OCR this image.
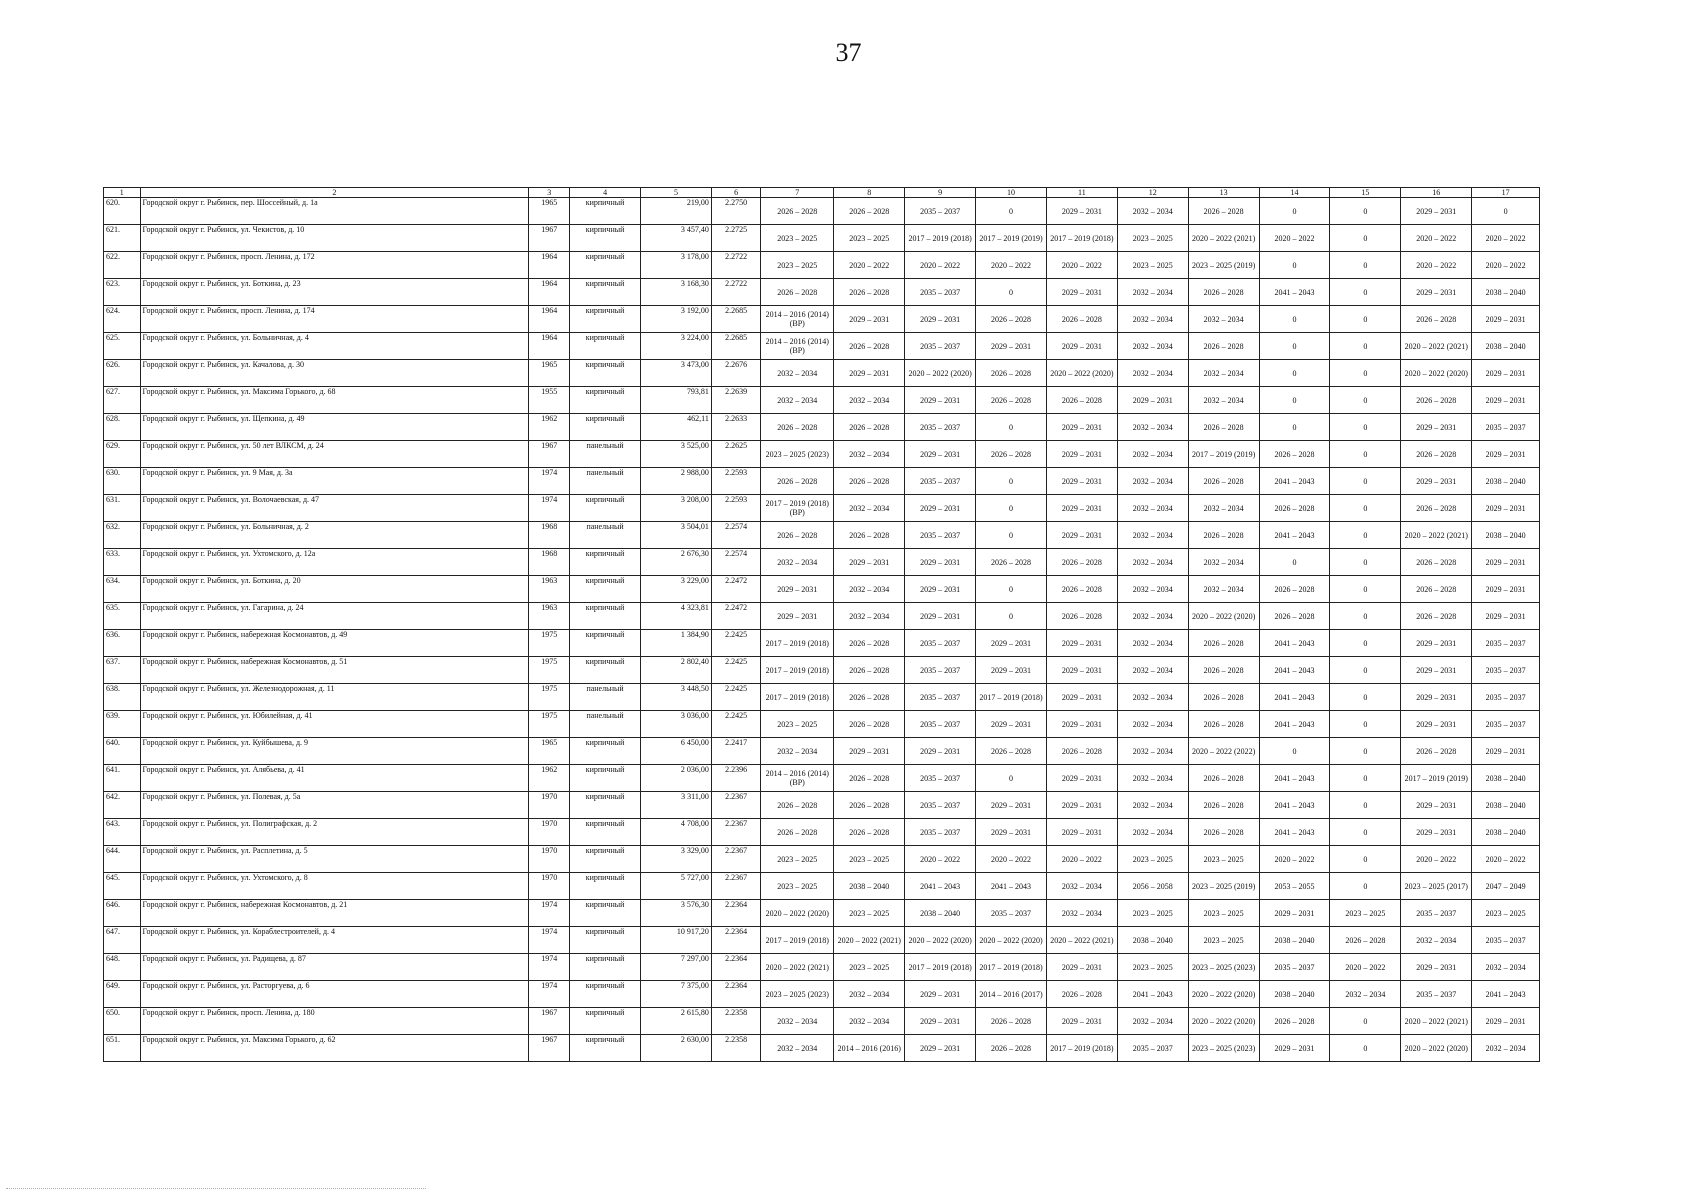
37
1	2	3	4	5	6	7	8	9	10	11	12	13	14	15	16	17
620.	Городской округ г. Рыбинск, пер. Шоссейный, д. 1а	1965	кирпичный	219,00	2.2750	2026 – 2028	2026 – 2028	2035 – 2037	0	2029 – 2031	2032 – 2034	2026 – 2028	0	0	2029 – 2031	0
621.	Городской округ г. Рыбинск, ул. Чекистов, д. 10	1967	кирпичный	3 457,40	2.2725	2023 – 2025	2023 – 2025	2017 – 2019 (2018)	2017 – 2019 (2019)	2017 – 2019 (2018)	2023 – 2025	2020 – 2022 (2021)	2020 – 2022	0	2020 – 2022	2020 – 2022
622.	Городской округ г. Рыбинск, просп. Ленина, д. 172	1964	кирпичный	3 178,00	2.2722	2023 – 2025	2020 – 2022	2020 – 2022	2020 – 2022	2020 – 2022	2023 – 2025	2023 – 2025 (2019)	0	0	2020 – 2022	2020 – 2022
623.	Городской округ г. Рыбинск, ул. Боткина, д. 23	1964	кирпичный	3 168,30	2.2722	2026 – 2028	2026 – 2028	2035 – 2037	0	2029 – 2031	2032 – 2034	2026 – 2028	2041 – 2043	0	2029 – 2031	2038 – 2040
624.	Городской округ г. Рыбинск, просп. Ленина, д. 174	1964	кирпичный	3 192,00	2.2685	2014 – 2016 (2014) (ВР)	2029 – 2031	2029 – 2031	2026 – 2028	2026 – 2028	2032 – 2034	2032 – 2034	0	0	2026 – 2028	2029 – 2031
625.	Городской округ г. Рыбинск, ул. Больничная, д. 4	1964	кирпичный	3 224,00	2.2685	2014 – 2016 (2014) (ВР)	2026 – 2028	2035 – 2037	2029 – 2031	2029 – 2031	2032 – 2034	2026 – 2028	0	0	2020 – 2022 (2021)	2038 – 2040
626.	Городской округ г. Рыбинск, ул. Качалова, д. 30	1965	кирпичный	3 473,00	2.2676	2032 – 2034	2029 – 2031	2020 – 2022 (2020)	2026 – 2028	2020 – 2022 (2020)	2032 – 2034	2032 – 2034	0	0	2020 – 2022 (2020)	2029 – 2031
627.	Городской округ г. Рыбинск, ул. Максима Горького, д. 68	1955	кирпичный	793,81	2.2639	2032 – 2034	2032 – 2034	2029 – 2031	2026 – 2028	2026 – 2028	2029 – 2031	2032 – 2034	0	0	2026 – 2028	2029 – 2031
628.	Городской округ г. Рыбинск, ул. Щепкина, д. 49	1962	кирпичный	462,11	2.2633	2026 – 2028	2026 – 2028	2035 – 2037	0	2029 – 2031	2032 – 2034	2026 – 2028	0	0	2029 – 2031	2035 – 2037
629.	Городской округ г. Рыбинск, ул. 50 лет ВЛКСМ, д. 24	1967	панельный	3 525,00	2.2625	2023 – 2025 (2023)	2032 – 2034	2029 – 2031	2026 – 2028	2029 – 2031	2032 – 2034	2017 – 2019 (2019)	2026 – 2028	0	2026 – 2028	2029 – 2031
630.	Городской округ г. Рыбинск, ул. 9 Мая, д. 3а	1974	панельный	2 988,00	2.2593	2026 – 2028	2026 – 2028	2035 – 2037	0	2029 – 2031	2032 – 2034	2026 – 2028	2041 – 2043	0	2029 – 2031	2038 – 2040
631.	Городской округ г. Рыбинск, ул. Волочаевская, д. 47	1974	кирпичный	3 208,00	2.2593	2017 – 2019 (2018) (ВР)	2032 – 2034	2029 – 2031	0	2029 – 2031	2032 – 2034	2032 – 2034	2026 – 2028	0	2026 – 2028	2029 – 2031
632.	Городской округ г. Рыбинск, ул. Больничная, д. 2	1968	панельный	3 504,01	2.2574	2026 – 2028	2026 – 2028	2035 – 2037	0	2029 – 2031	2032 – 2034	2026 – 2028	2041 – 2043	0	2020 – 2022 (2021)	2038 – 2040
633.	Городской округ г. Рыбинск, ул. Ухтомского, д. 12а	1968	кирпичный	2 676,30	2.2574	2032 – 2034	2029 – 2031	2029 – 2031	2026 – 2028	2026 – 2028	2032 – 2034	2032 – 2034	0	0	2026 – 2028	2029 – 2031
634.	Городской округ г. Рыбинск, ул. Боткина, д. 20	1963	кирпичный	3 229,00	2.2472	2029 – 2031	2032 – 2034	2029 – 2031	0	2026 – 2028	2032 – 2034	2032 – 2034	2026 – 2028	0	2026 – 2028	2029 – 2031
635.	Городской округ г. Рыбинск, ул. Гагарина, д. 24	1963	кирпичный	4 323,81	2.2472	2029 – 2031	2032 – 2034	2029 – 2031	0	2026 – 2028	2032 – 2034	2020 – 2022 (2020)	2026 – 2028	0	2026 – 2028	2029 – 2031
636.	Городской округ г. Рыбинск, набережная Космонавтов, д. 49	1975	кирпичный	1 384,90	2.2425	2017 – 2019 (2018)	2026 – 2028	2035 – 2037	2029 – 2031	2029 – 2031	2032 – 2034	2026 – 2028	2041 – 2043	0	2029 – 2031	2035 – 2037
637.	Городской округ г. Рыбинск, набережная Космонавтов, д. 51	1975	кирпичный	2 802,40	2.2425	2017 – 2019 (2018)	2026 – 2028	2035 – 2037	2029 – 2031	2029 – 2031	2032 – 2034	2026 – 2028	2041 – 2043	0	2029 – 2031	2035 – 2037
638.	Городской округ г. Рыбинск, ул. Железнодорожная, д. 11	1975	панельный	3 448,50	2.2425	2017 – 2019 (2018)	2026 – 2028	2035 – 2037	2017 – 2019 (2018)	2029 – 2031	2032 – 2034	2026 – 2028	2041 – 2043	0	2029 – 2031	2035 – 2037
639.	Городской округ г. Рыбинск, ул. Юбилейная, д. 41	1975	панельный	3 036,00	2.2425	2023 – 2025	2026 – 2028	2035 – 2037	2029 – 2031	2029 – 2031	2032 – 2034	2026 – 2028	2041 – 2043	0	2029 – 2031	2035 – 2037
640.	Городской округ г. Рыбинск, ул. Куйбышева, д. 9	1965	кирпичный	6 450,00	2.2417	2032 – 2034	2029 – 2031	2029 – 2031	2026 – 2028	2026 – 2028	2032 – 2034	2020 – 2022 (2022)	0	0	2026 – 2028	2029 – 2031
641.	Городской округ г. Рыбинск, ул. Алябьева, д. 41	1962	кирпичный	2 036,00	2.2396	2014 – 2016 (2014) (ВР)	2026 – 2028	2035 – 2037	0	2029 – 2031	2032 – 2034	2026 – 2028	2041 – 2043	0	2017 – 2019 (2019)	2038 – 2040
642.	Городской округ г. Рыбинск, ул. Полевая, д. 5а	1970	кирпичный	3 311,00	2.2367	2026 – 2028	2026 – 2028	2035 – 2037	2029 – 2031	2029 – 2031	2032 – 2034	2026 – 2028	2041 – 2043	0	2029 – 2031	2038 – 2040
643.	Городской округ г. Рыбинск, ул. Полиграфская, д. 2	1970	кирпичный	4 708,00	2.2367	2026 – 2028	2026 – 2028	2035 – 2037	2029 – 2031	2029 – 2031	2032 – 2034	2026 – 2028	2041 – 2043	0	2029 – 2031	2038 – 2040
644.	Городской округ г. Рыбинск, ул. Расплетина, д. 5	1970	кирпичный	3 329,00	2.2367	2023 – 2025	2023 – 2025	2020 – 2022	2020 – 2022	2020 – 2022	2023 – 2025	2023 – 2025	2020 – 2022	0	2020 – 2022	2020 – 2022
645.	Городской округ г. Рыбинск, ул. Ухтомского, д. 8	1970	кирпичный	5 727,00	2.2367	2023 – 2025	2038 – 2040	2041 – 2043	2041 – 2043	2032 – 2034	2056 – 2058	2023 – 2025 (2019)	2053 – 2055	0	2023 – 2025 (2017)	2047 – 2049
646.	Городской округ г. Рыбинск, набережная Космонавтов, д. 21	1974	кирпичный	3 576,30	2.2364	2020 – 2022 (2020)	2023 – 2025	2038 – 2040	2035 – 2037	2032 – 2034	2023 – 2025	2023 – 2025	2029 – 2031	2023 – 2025	2035 – 2037	2023 – 2025
647.	Городской округ г. Рыбинск, ул. Кораблестроителей, д. 4	1974	кирпичный	10 917,20	2.2364	2017 – 2019 (2018)	2020 – 2022 (2021)	2020 – 2022 (2020)	2020 – 2022 (2020)	2020 – 2022 (2021)	2038 – 2040	2023 – 2025	2038 – 2040	2026 – 2028	2032 – 2034	2035 – 2037
648.	Городской округ г. Рыбинск, ул. Радищева, д. 87	1974	кирпичный	7 297,00	2.2364	2020 – 2022 (2021)	2023 – 2025	2017 – 2019 (2018)	2017 – 2019 (2018)	2029 – 2031	2023 – 2025	2023 – 2025 (2023)	2035 – 2037	2020 – 2022	2029 – 2031	2032 – 2034
649.	Городской округ г. Рыбинск, ул. Расторгуева, д. 6	1974	кирпичный	7 375,00	2.2364	2023 – 2025 (2023)	2032 – 2034	2029 – 2031	2014 – 2016 (2017)	2026 – 2028	2041 – 2043	2020 – 2022 (2020)	2038 – 2040	2032 – 2034	2035 – 2037	2041 – 2043
650.	Городской округ г. Рыбинск, просп. Ленина, д. 180	1967	кирпичный	2 615,80	2.2358	2032 – 2034	2032 – 2034	2029 – 2031	2026 – 2028	2029 – 2031	2032 – 2034	2020 – 2022 (2020)	2026 – 2028	0	2020 – 2022 (2021)	2029 – 2031
651.	Городской округ г. Рыбинск, ул. Максима Горького, д. 62	1967	кирпичный	2 630,00	2.2358	2032 – 2034	2014 – 2016 (2016)	2029 – 2031	2026 – 2028	2017 – 2019 (2018)	2035 – 2037	2023 – 2025 (2023)	2029 – 2031	0	2020 – 2022 (2020)	2032 – 2034
